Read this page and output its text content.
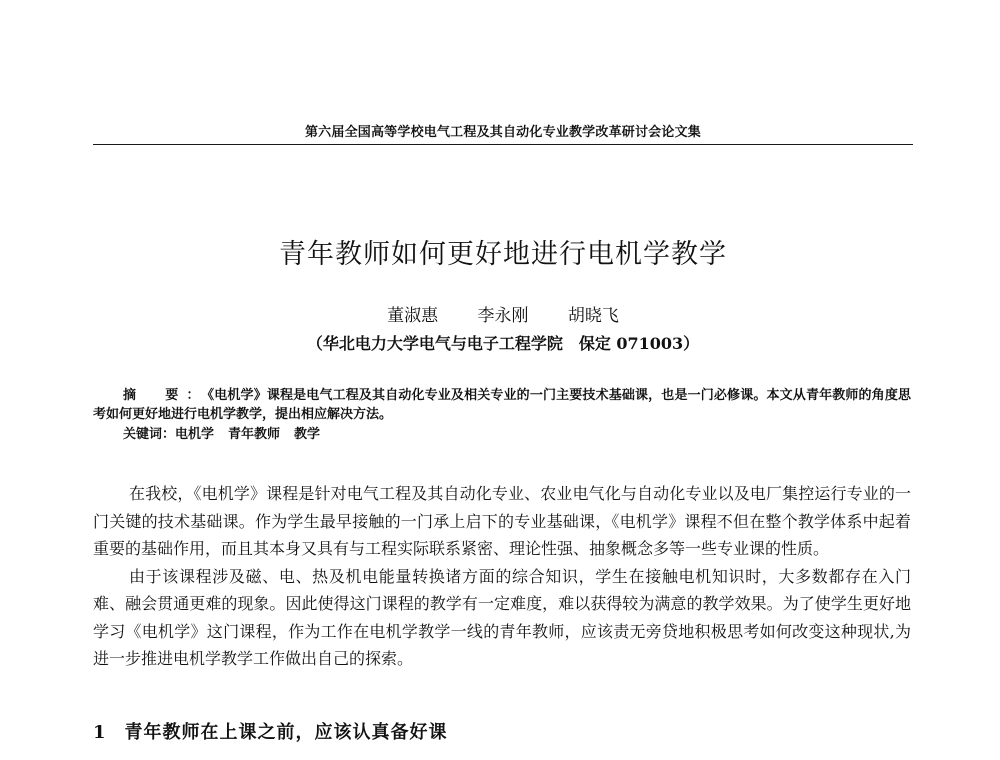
第六届全国高等学校电气工程及其自动化专业教学改革研讨会论文集
青年教师如何更好地进行电机学教学
董淑惠 李永刚 胡晓飞
（华北电力大学电气与电子工程学院　保定 071003）

摘　要：《电机学》课程是电气工程及其自动化专业及相关专业的一门主要技术基础课，也是一门必修课。本文从青年教师的角度思考如何更好地进行电机学教学，提出相应解决方法。

关键词：电机学 青年教师 教学

在我校，《电机学》课程是针对电气工程及其自动化专业、农业电气化与自动化专业以及电厂集控运行专业的一门关键的技术基础课。作为学生最早接触的一门承上启下的专业基础课，《电机学》课程不但在整个教学体系中起着重要的基础作用，而且其本身又具有与工程实际联系紧密、理论性强、抽象概念多等一些专业课的性质。

由于该课程涉及磁、电、热及机电能量转换诸方面的综合知识，学生在接触电机知识时，大多数都存在入门难、融会贯通更难的现象。因此使得这门课程的教学有一定难度，难以获得较为满意的教学效果。为了使学生更好地学习《电机学》这门课程，作为工作在电机学教学一线的青年教师，应该责无旁贷地积极思考如何改变这种现状,为进一步推进电机学教学工作做出自己的探索。

1 青年教师在上课之前，应该认真备好课
